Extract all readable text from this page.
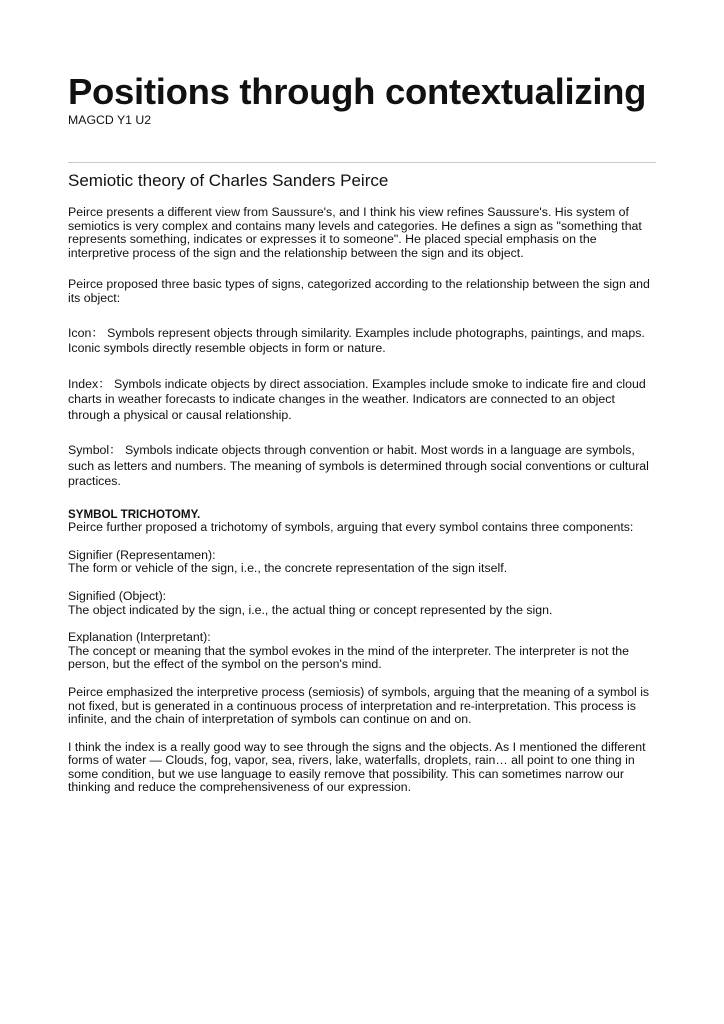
Positions through contextualizing
MAGCD Y1 U2
Semiotic theory of Charles Sanders Peirce

Peirce presents a different view from Saussure's, and I think his view refines Saussure's. His system of semiotics is very complex and contains many levels and categories. He defines a sign as "something that represents something, indicates or expresses it to someone". He placed special emphasis on the interpretive process of the sign and the relationship between the sign and its object.

Peirce proposed three basic types of signs, categorized according to the relationship between the sign and its object:

Icon： Symbols represent objects through similarity. Examples include photographs, paintings, and maps. Iconic symbols directly resemble objects in form or nature.

Index： Symbols indicate objects by direct association. Examples include smoke to indicate fire and cloud charts in weather forecasts to indicate changes in the weather. Indicators are connected to an object through a physical or causal relationship.

Symbol： Symbols indicate objects through convention or habit. Most words in a language are symbols, such as letters and numbers. The meaning of symbols is determined through social conventions or cultural practices.

SYMBOL TRICHOTOMY.
Peirce further proposed a trichotomy of symbols, arguing that every symbol contains three components:

Signifier (Representamen):
The form or vehicle of the sign, i.e., the concrete representation of the sign itself.

Signified (Object):
The object indicated by the sign, i.e., the actual thing or concept represented by the sign.

Explanation (Interpretant):
The concept or meaning that the symbol evokes in the mind of the interpreter. The interpreter is not the person, but the effect of the symbol on the person's mind.

Peirce emphasized the interpretive process (semiosis) of symbols, arguing that the meaning of a symbol is not fixed, but is generated in a continuous process of interpretation and re-interpretation. This process is infinite, and the chain of interpretation of symbols can continue on and on.

I think the index is a really good way to see through the signs and the objects. As I mentioned the different forms of water — Clouds, fog, vapor, sea, rivers, lake, waterfalls, droplets, rain… all point to one thing in some condition, but we use language to easily remove that possibility. This can sometimes narrow our thinking and reduce the comprehensiveness of our expression.
